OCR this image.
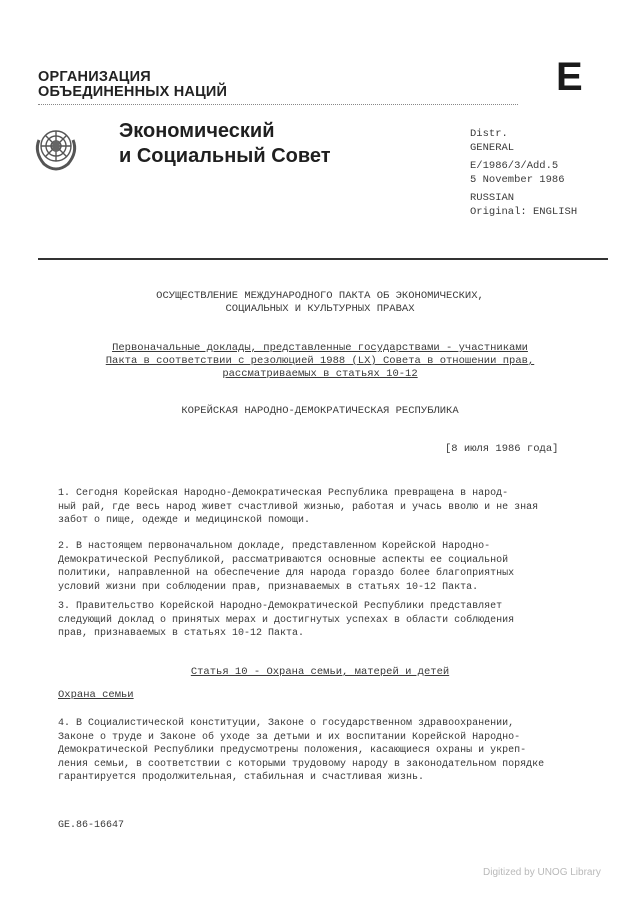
ОРГАНИЗАЦИЯ
ОБЪЕДИНЕННЫХ НАЦИЙ	E
Экономический
и Социальный Совет
Distr.
GENERAL
E/1986/3/Add.5
5 November 1986
RUSSIAN
Original: ENGLISH
ОСУЩЕСТВЛЕНИЕ МЕЖДУНАРОДНОГО ПАКТА ОБ ЭКОНОМИЧЕСКИХ,
СОЦИАЛЬНЫХ И КУЛЬТУРНЫХ ПРАВАХ
Первоначальные доклады, представленные государствами - участниками
Пакта в соответствии с резолюцией 1988 (LX) Совета в отношении прав,
рассматриваемых в статьях 10-12
КОРЕЙСКАЯ НАРОДНО-ДЕМОКРАТИЧЕСКАЯ РЕСПУБЛИКА
[8 июля 1986 года]
1. Сегодня Корейская Народно-Демократическая Республика превращена в народ-
ный рай, где весь народ живет счастливой жизнью, работая и учась вволю и не зная
забот о пище, одежде и медицинской помощи.
2. В настоящем первоначальном докладе, представленном Корейской Народно-
Демократической Республикой, рассматриваются основные аспекты ее социальной
политики, направленной на обеспечение для народа гораздо более благоприятных
условий жизни при соблюдении прав, признаваемых в статьях 10-12 Пакта.
3. Правительство Корейской Народно-Демократической Республики представляет
следующий доклад о принятых мерах и достигнутых успехах в области соблюдения
прав, признаваемых в статьях 10-12 Пакта.
Статья 10 - Охрана семьи, матерей и детей
Охрана семьи
4. В Социалистической конституции, Законе о государственном здравоохранении,
Законе о труде и Законе об уходе за детьми и их воспитании Корейской Народно-
Демократической Республики предусмотрены положения, касающиеся охраны и укреп-
ления семьи, в соответствии с которыми трудовому народу в законодательном порядке
гарантируется продолжительная, стабильная и счастливая жизнь.
GE.86-16647
Digitized by UNOG Library
